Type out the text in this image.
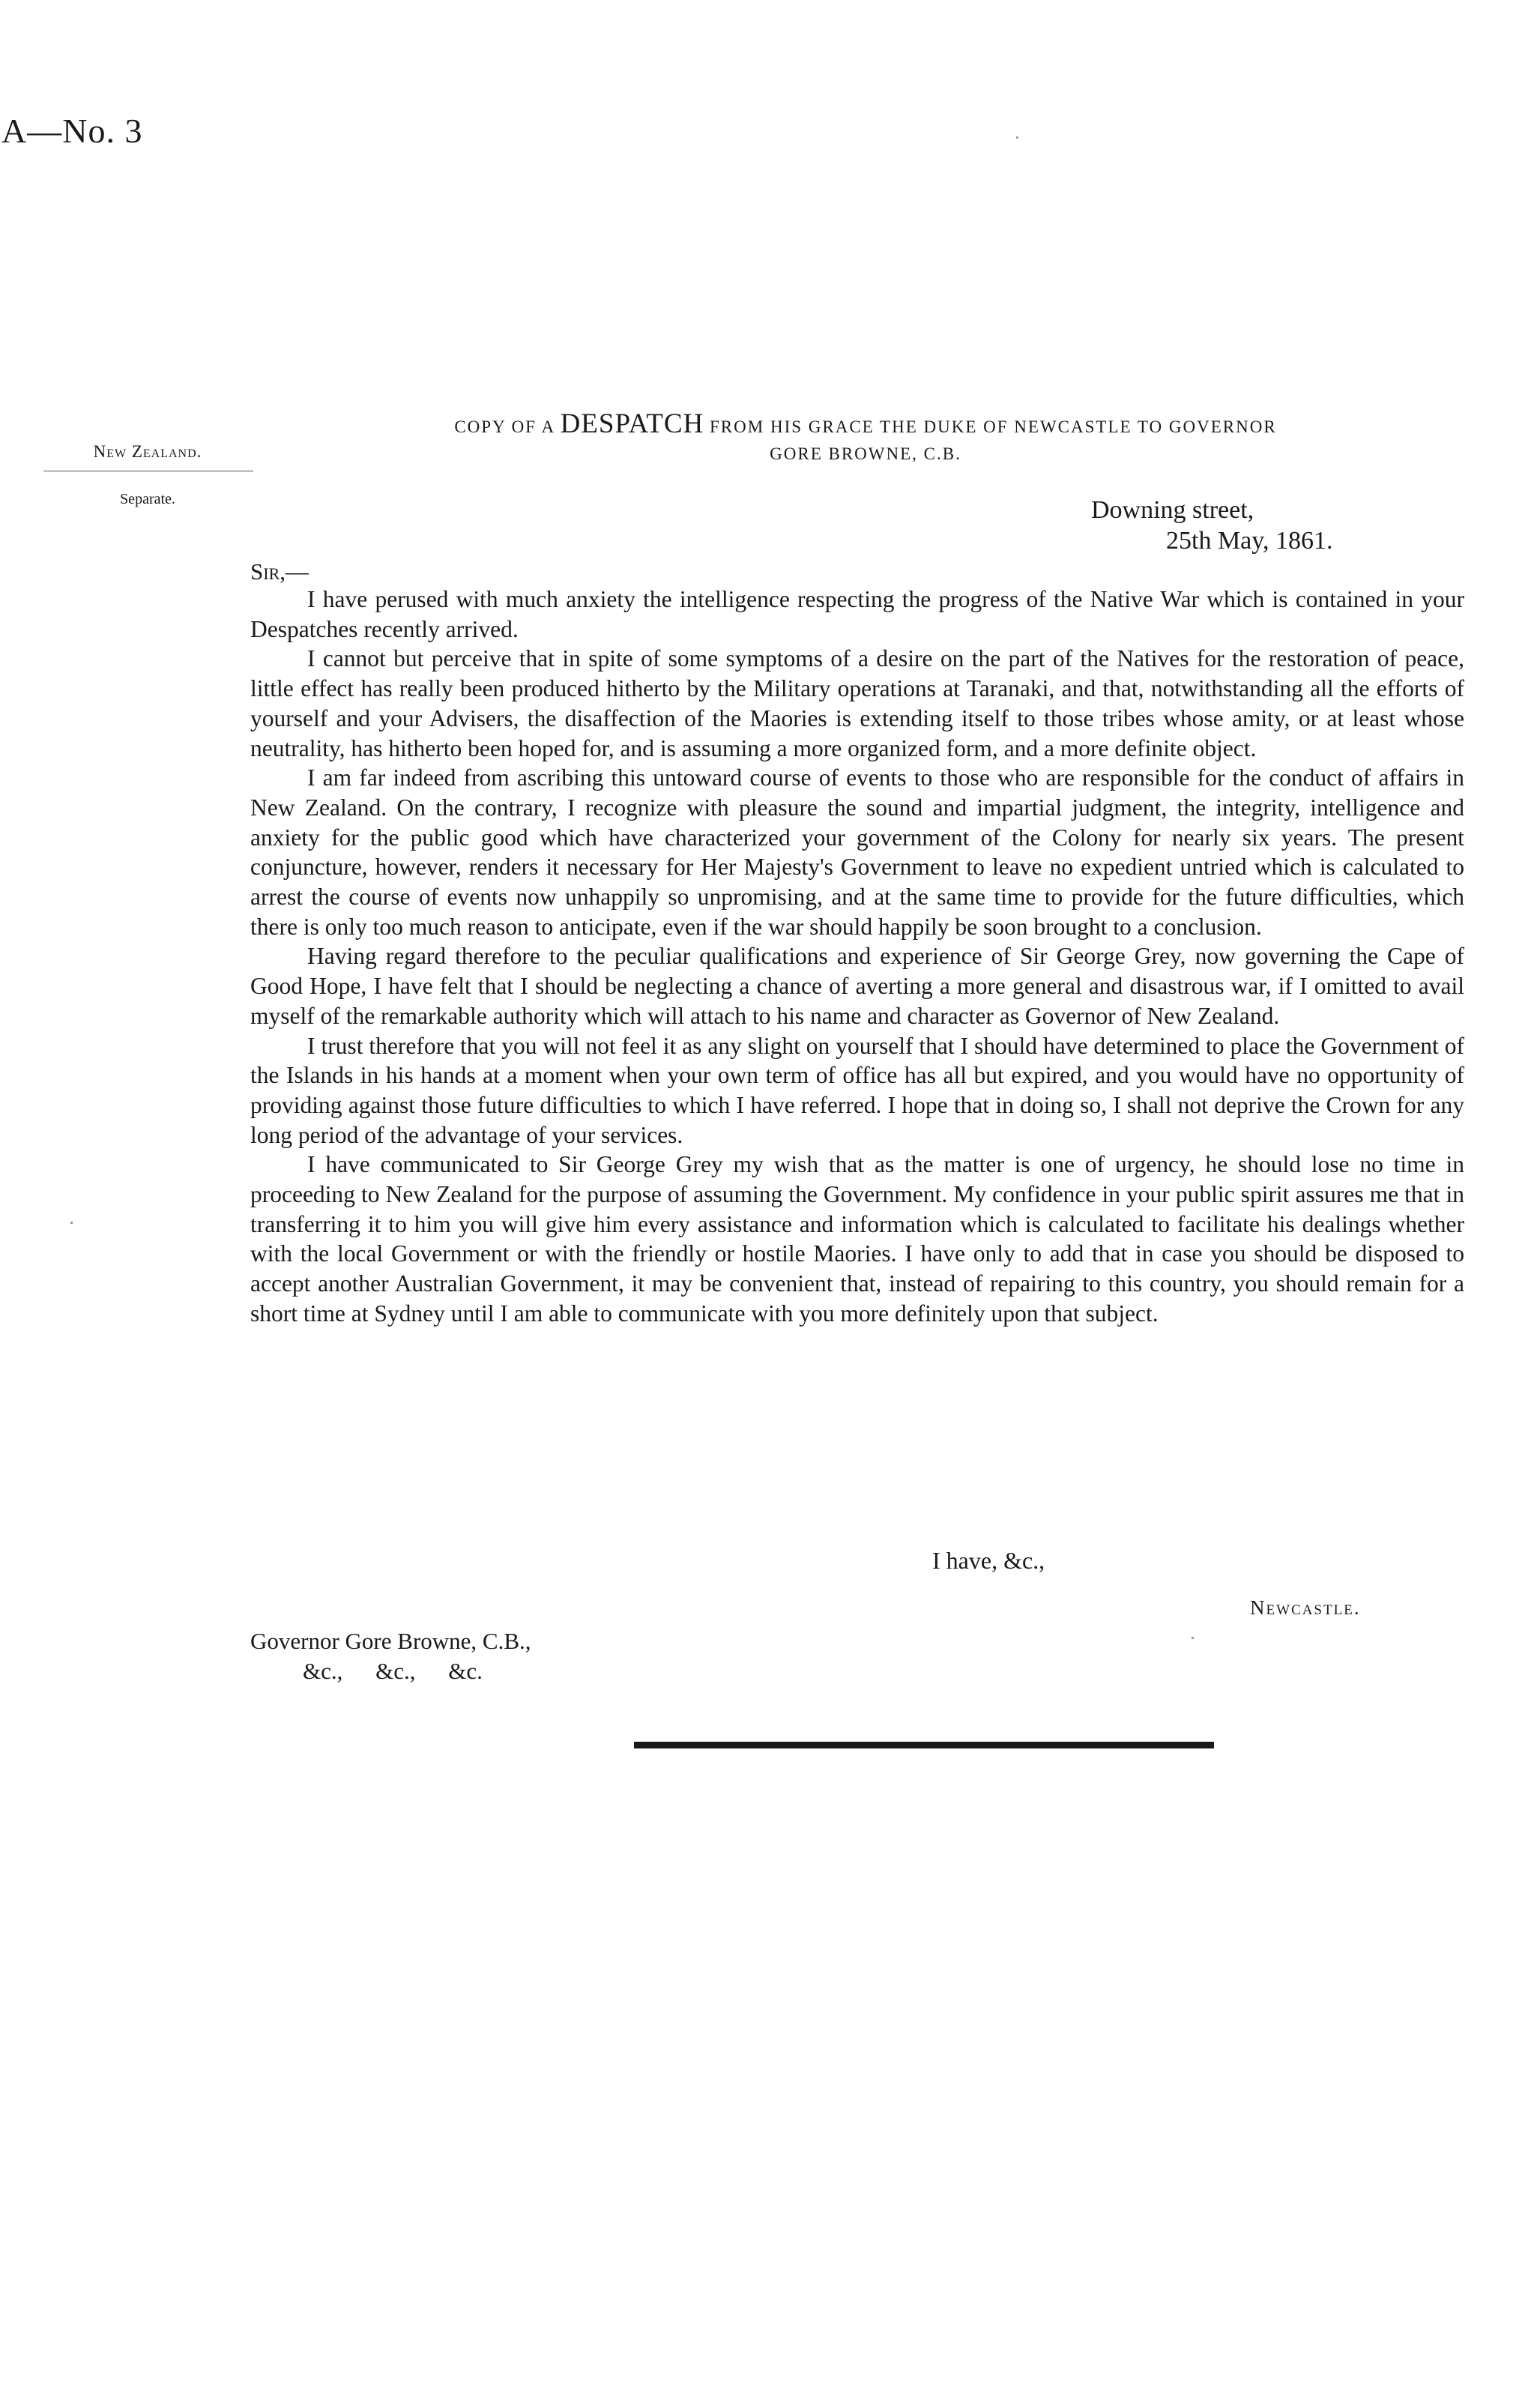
A—No. 3
New Zealand.
Separate.
COPY OF A DESPATCH FROM HIS GRACE THE DUKE OF NEWCASTLE TO GOVERNOR
GORE BROWNE, C.B.
Downing street,
25th May, 1861.
Sir,—

I have perused with much anxiety the intelligence respecting the progress of the Native War which is contained in your Despatches recently arrived.

I cannot but perceive that in spite of some symptoms of a desire on the part of the Natives for the restoration of peace, little effect has really been produced hitherto by the Military operations at Taranaki, and that, notwithstanding all the efforts of yourself and your Advisers, the disaffection of the Maories is extending itself to those tribes whose amity, or at least whose neutrality, has hitherto been hoped for, and is assuming a more organized form, and a more definite object.

I am far indeed from ascribing this untoward course of events to those who are responsible for the conduct of affairs in New Zealand. On the contrary, I recognize with pleasure the sound and impartial judgment, the integrity, intelligence and anxiety for the public good which have characterized your government of the Colony for nearly six years. The present conjuncture, however, renders it necessary for Her Majesty's Government to leave no expedient untried which is calculated to arrest the course of events now unhappily so unpromising, and at the same time to provide for the future difficulties, which there is only too much reason to anticipate, even if the war should happily be soon brought to a conclusion.

Having regard therefore to the peculiar qualifications and experience of Sir George Grey, now governing the Cape of Good Hope, I have felt that I should be neglecting a chance of averting a more general and disastrous war, if I omitted to avail myself of the remarkable authority which will attach to his name and character as Governor of New Zealand.

I trust therefore that you will not feel it as any slight on yourself that I should have determined to place the Government of the Islands in his hands at a moment when your own term of office has all but expired, and you would have no opportunity of providing against those future difficulties to which I have referred. I hope that in doing so, I shall not deprive the Crown for any long period of the advantage of your services.

I have communicated to Sir George Grey my wish that as the matter is one of urgency, he should lose no time in proceeding to New Zealand for the purpose of assuming the Government. My confidence in your public spirit assures me that in transferring it to him you will give him every assistance and information which is calculated to facilitate his dealings whether with the local Government or with the friendly or hostile Maories. I have only to add that in case you should be disposed to accept another Australian Government, it may be convenient that, instead of repairing to this country, you should remain for a short time at Sydney until I am able to communicate with you more definitely upon that subject.

I have, &c.,
Newcastle.
Governor Gore Browne, C.B.,
&c., &c., &c.
